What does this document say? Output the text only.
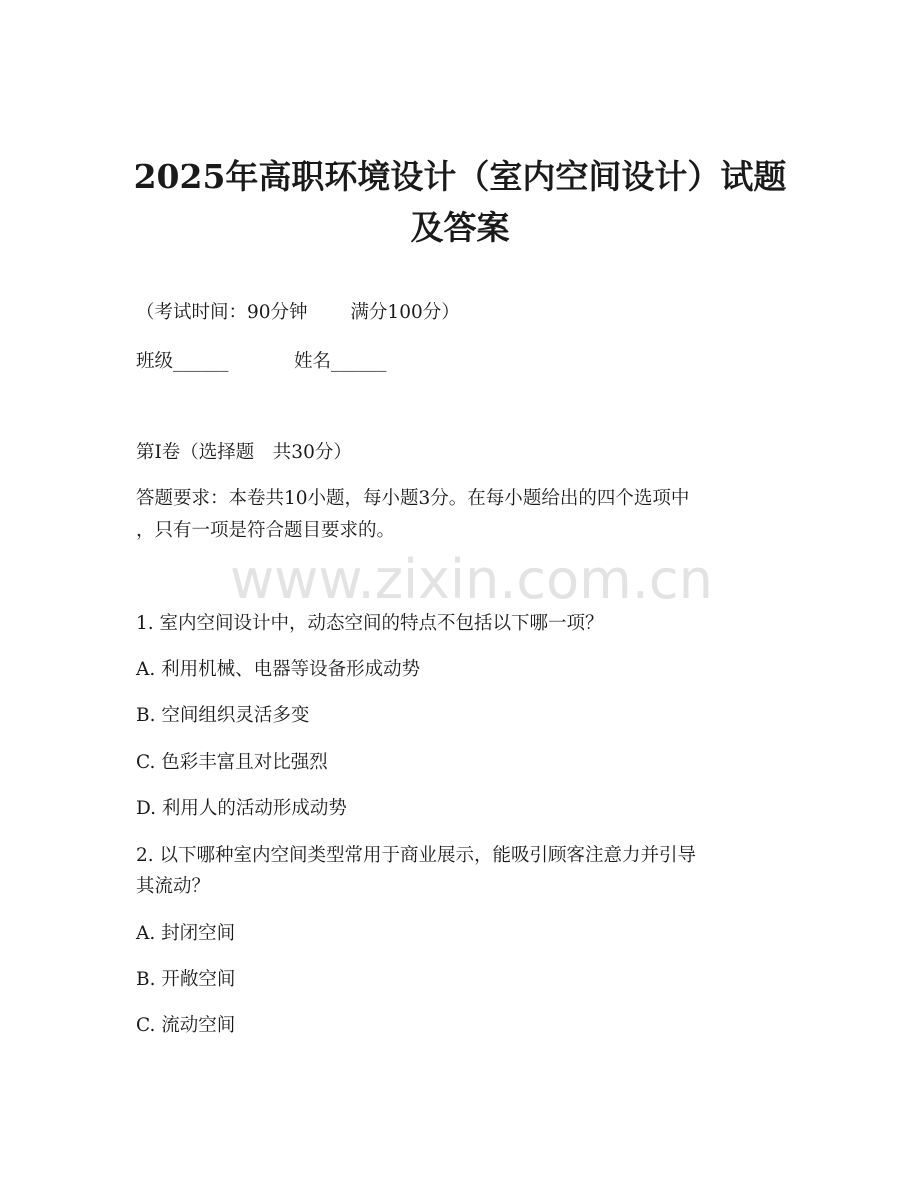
www.zixin.com.cn
2025年高职环境设计（室内空间设计）试题
及答案
（考试时间：90分钟　　 满分100分）
班级______	姓名______
第Ⅰ卷（选择题　共30分）
答题要求：本卷共10小题，每小题3分。在每小题给出的四个选项中
，只有一项是符合题目要求的。
1. 室内空间设计中，动态空间的特点不包括以下哪一项？
A. 利用机械、电器等设备形成动势
B. 空间组织灵活多变
C. 色彩丰富且对比强烈
D. 利用人的活动形成动势
2. 以下哪种室内空间类型常用于商业展示，能吸引顾客注意力并引导
其流动？
A. 封闭空间
B. 开敞空间
C. 流动空间
